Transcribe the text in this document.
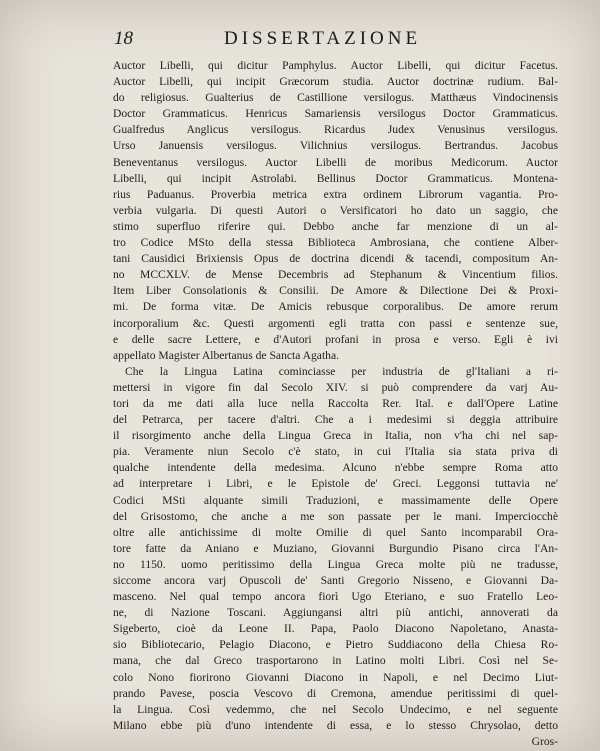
18	DISSERTAZIONE
Auctor Libelli, qui dicitur Pamphylus. Auctor Libelli, qui dicitur Facetus.
Auctor Libelli, qui incipit Græcorum studia. Auctor doctrinæ rudium. Bal-
do religiosus. Gualterius de Castillione versilogus. Matthæus Vindocinensis
Doctor Grammaticus. Henricus Samariensis versilogus Doctor Grammaticus.
Gualfredus Anglicus versilogus. Ricardus Judex Venusinus versilogus.
Urso Januensis versilogus. Vilichnius versilogus. Bertrandus. Jacobus
Beneventanus versilogus. Auctor Libelli de moribus Medicorum. Auctor
Libelli, qui incipit Astrolabi. Bellinus Doctor Grammaticus. Montena-
rius Paduanus. Proverbia metrica extra ordinem Librorum vagantia. Pro-
verbia vulgaria. Di questi Autori o Versificatori ho dato un saggio, che
stimo superfluo riferire qui. Debbo anche far menzione di un al-
tro Codice MSto della stessa Biblioteca Ambrosiana, che contiene Alber-
tani Causidici Brixiensis Opus de doctrina dicendi & tacendi, compositum An-
no MCCXLV. de Mense Decembris ad Stephanum & Vincentium filios.
Item Liber Consolationis & Consilii. De Amore & Dilectione Dei & Proxi-
mi. De forma vitæ. De Amicis rebusque corporalibus. De amore rerum
incorporalium &c. Questi argomenti egli tratta con passi e sentenze sue,
e delle sacre Lettere, e d'Autori profani in prosa e verso. Egli è ivi
appellato Magister Albertanus de Sancta Agatha.
Che la Lingua Latina cominciasse per industria de gl'Italiani a ri-
mettersi in vigore fin dal Secolo XIV. si può comprendere da varj Au-
tori da me dati alla luce nella Raccolta Rer. Ital. e dall'Opere Latine
del Petrarca, per tacere d'altri. Che a i medesimi si deggia attribuire
il risorgimento anche della Lingua Greca in Italia, non v'ha chi nel sap-
pia. Veramente niun Secolo c'è stato, in cui l'Italia sia stata priva di
qualche intendente della medesima. Alcuno n'ebbe sempre Roma atto
ad interpretare i Libri, e le Epistole de' Greci. Leggonsi tuttavia ne'
Codici MSti alquante simili Traduzioni, e massimamente delle Opere
del Grisostomo, che anche a me son passate per le mani. Imperciocchè
oltre alle antichissime di molte Omilie di quel Santo incomparabil Ora-
tore fatte da Aniano e Muziano, Giovanni Burgundio Pisano circa l'An-
no 1150. uomo peritissimo della Lingua Greca molte più ne tradusse,
siccome ancora varj Opuscoli de' Santi Gregorio Nisseno, e Giovanni Da-
masceno. Nel qual tempo ancora fiorì Ugo Eteriano, e suo Fratello Leo-
ne, di Nazione Toscani. Aggiungansi altri più antichi, annoverati da
Sigeberto, cioè da Leone II. Papa, Paolo Diacono Napoletano, Anasta-
sio Bibliotecario, Pelagio Diacono, e Pietro Suddiacono della Chiesa Ro-
mana, che dal Greco trasportarono in Latino molti Libri. Così nel Se-
colo Nono fiorirono Giovanni Diacono in Napoli, e nel Decimo Liut-
prando Pavese, poscia Vescovo di Cremona, amendue peritissimi di quel-
la Lingua. Così vedemmo, che nel Secolo Undecimo, e nel seguente
Milano ebbe più d'uno intendente di essa, e lo stesso Chrysolao, detto
Gros-
